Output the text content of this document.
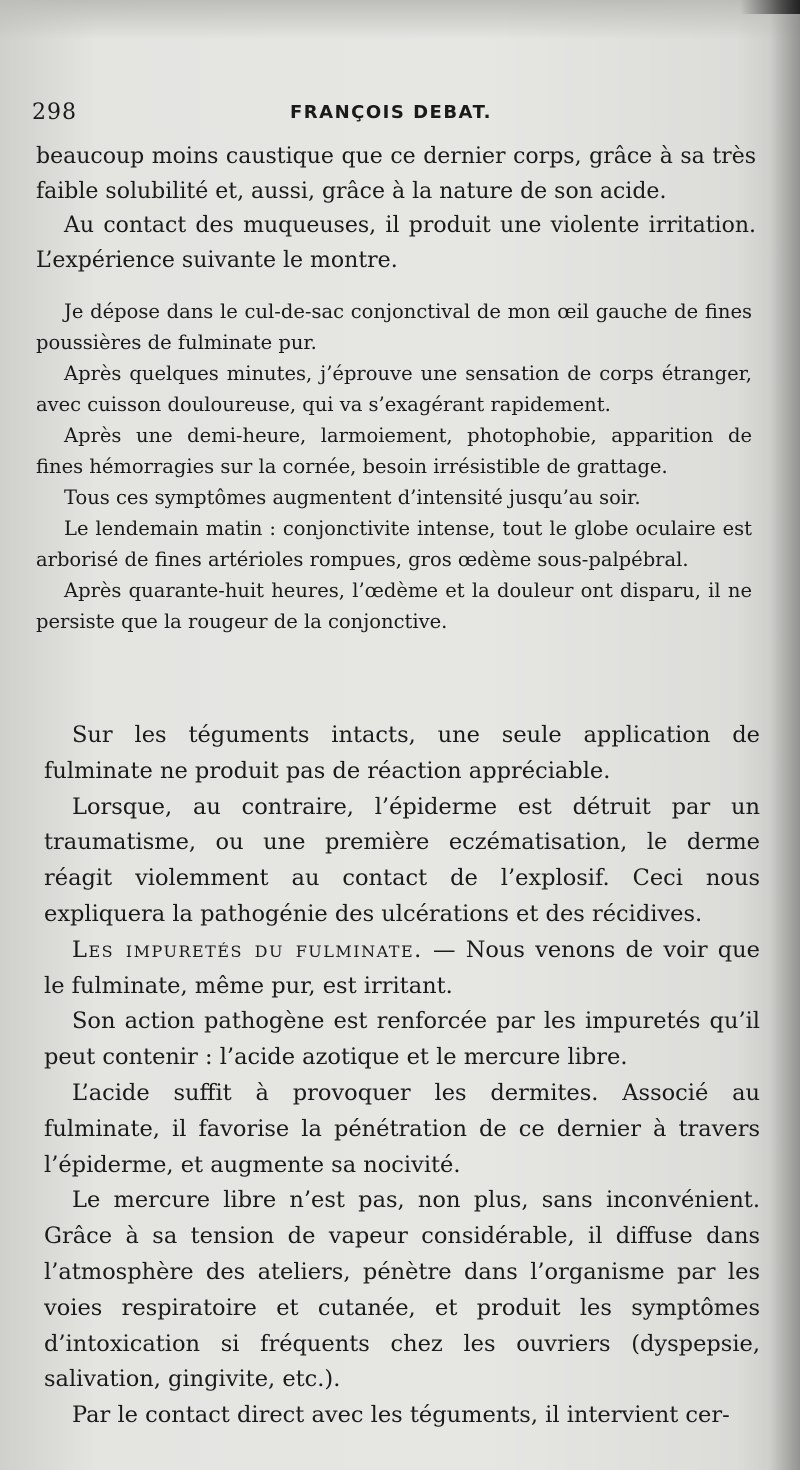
298	FRANÇOIS DEBAT.

beaucoup moins caustique que ce dernier corps, grâce à sa très faible solubilité et, aussi, grâce à la nature de son acide.

Au contact des muqueuses, il produit une violente irritation. L’expérience suivante le montre.

Je dépose dans le cul-de-sac conjonctival de mon œil gauche de fines poussières de fulminate pur.

Après quelques minutes, j’éprouve une sensation de corps étranger, avec cuisson douloureuse, qui va s’exagérant rapidement.

Après une demi-heure, larmoiement, photophobie, apparition de fines hémorragies sur la cornée, besoin irrésistible de grattage.

Tous ces symptômes augmentent d’intensité jusqu’au soir.

Le lendemain matin : conjonctivite intense, tout le globe oculaire est arborisé de fines artérioles rompues, gros œdème sous-palpébral.

Après quarante-huit heures, l’œdème et la douleur ont disparu, il ne persiste que la rougeur de la conjonctive.

Sur les téguments intacts, une seule application de fulminate ne produit pas de réaction appréciable.

Lorsque, au contraire, l’épiderme est détruit par un traumatisme, ou une première eczématisation, le derme réagit violemment au contact de l’explosif. Ceci nous expliquera la pathogénie des ulcérations et des récidives.

Les impuretés du fulminate. — Nous venons de voir que le fulminate, même pur, est irritant.

Son action pathogène est renforcée par les impuretés qu’il peut contenir : l’acide azotique et le mercure libre.

L’acide suffit à provoquer les dermites. Associé au fulminate, il favorise la pénétration de ce dernier à travers l’épiderme, et augmente sa nocivité.

Le mercure libre n’est pas, non plus, sans inconvénient. Grâce à sa tension de vapeur considérable, il diffuse dans l’atmosphère des ateliers, pénètre dans l’organisme par les voies respiratoire et cutanée, et produit les symptômes d’intoxication si fréquents chez les ouvriers (dyspepsie, salivation, gingivite, etc.).

Par le contact direct avec les téguments, il intervient cer-
